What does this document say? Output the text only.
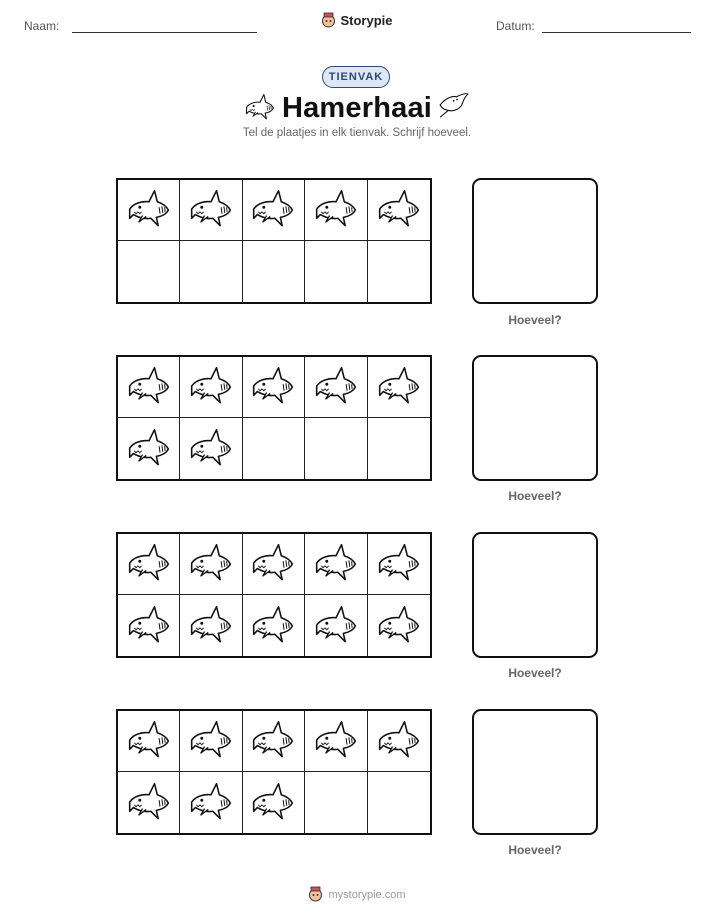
Naam:	Storypie	Datum:
TIENVAK
Hamerhaai
Tel de plaatjes in elk tienvak. Schrijf hoeveel.
Hoeveel?
Hoeveel?
Hoeveel?
Hoeveel?
mystorypie.com
